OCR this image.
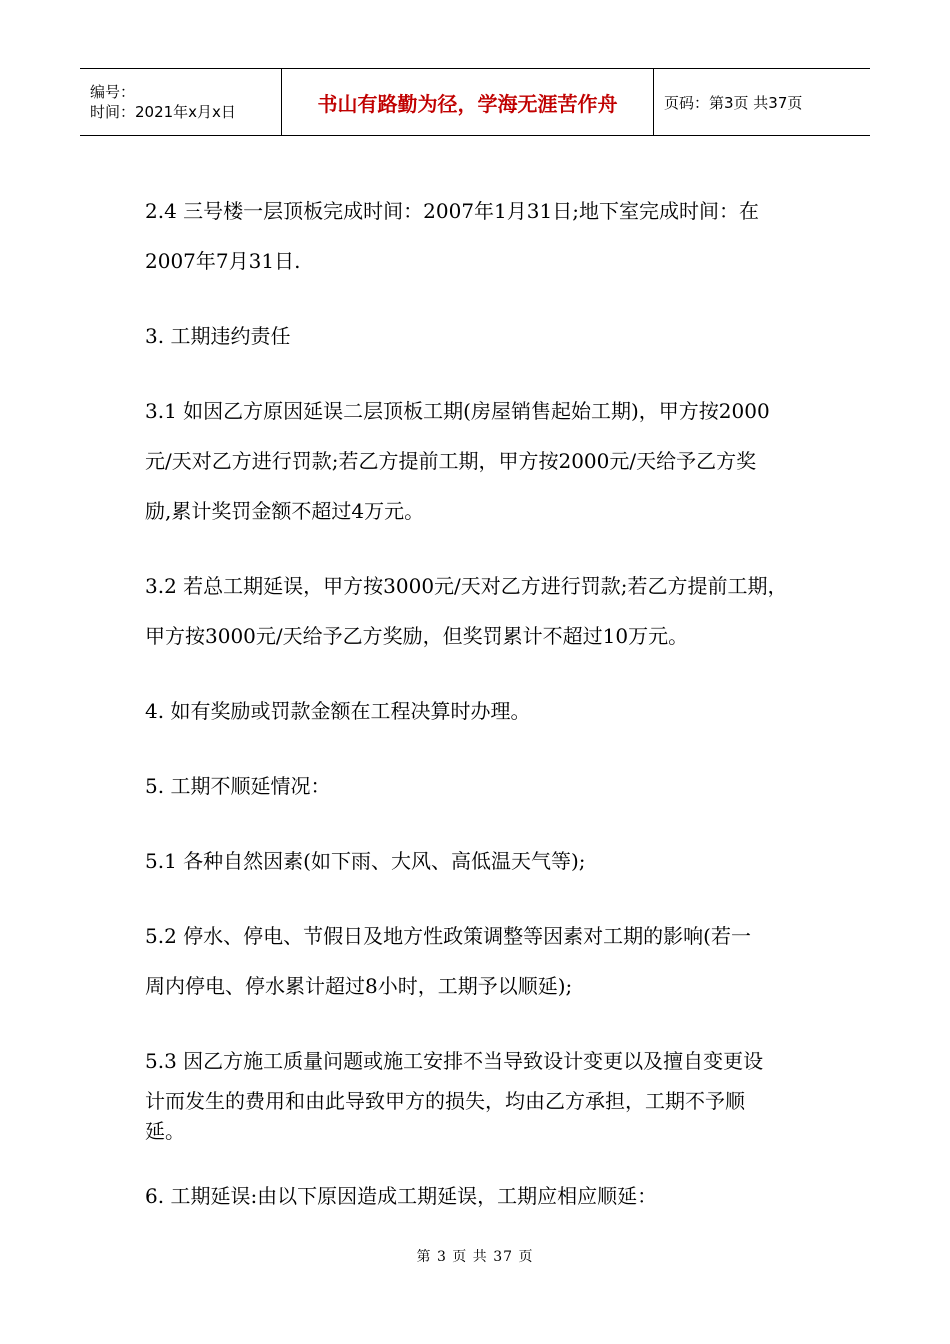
编号：
时间：2021年x月x日	书山有路勤为径，学海无涯苦作舟	页码：第3页 共37页
2.4 三号楼一层顶板完成时间：2007年1月31日;地下室完成时间：在
2007年7月31日.
3. 工期违约责任
3.1 如因乙方原因延误二层顶板工期(房屋销售起始工期)，甲方按2000
元/天对乙方进行罚款;若乙方提前工期，甲方按2000元/天给予乙方奖
励,累计奖罚金额不超过4万元。
3.2 若总工期延误，甲方按3000元/天对乙方进行罚款;若乙方提前工期，
甲方按3000元/天给予乙方奖励，但奖罚累计不超过10万元。
4. 如有奖励或罚款金额在工程决算时办理。
5. 工期不顺延情况：
5.1 各种自然因素(如下雨、大风、高低温天气等);
5.2 停水、停电、节假日及地方性政策调整等因素对工期的影响(若一
周内停电、停水累计超过8小时，工期予以顺延);
5.3 因乙方施工质量问题或施工安排不当导致设计变更以及擅自变更设
计而发生的费用和由此导致甲方的损失，均由乙方承担，工期不予顺
延。
6. 工期延误:由以下原因造成工期延误，工期应相应顺延：
第 3 页 共 37 页
